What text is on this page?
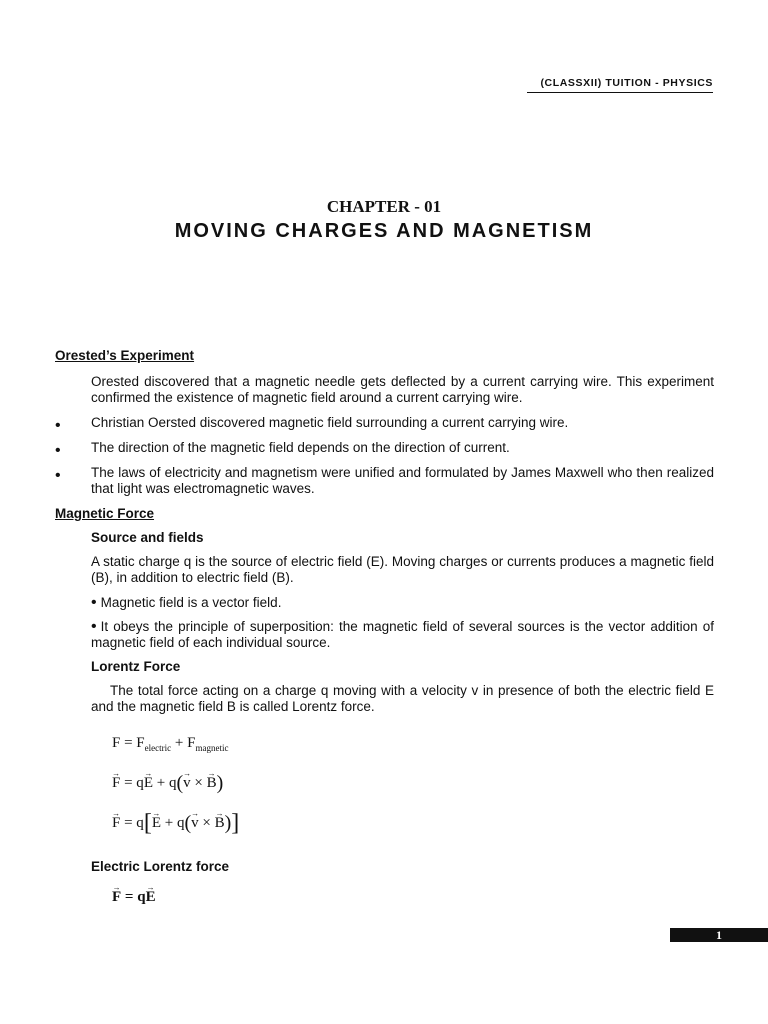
(CLASSXII) TUITION - PHYSICS
CHAPTER - 01
MOVING CHARGES AND MAGNETISM
Orested’s Experiment
Orested discovered that a magnetic needle gets deflected by a current carrying wire. This experiment confirmed the existence of magnetic field around a current carrying wire.
• Christian Oersted discovered magnetic field surrounding a current carrying wire.
• The direction of the magnetic field depends on the direction of current.
• The laws of electricity and magnetism were unified and formulated by James Maxwell who then realized that light was electromagnetic waves.
Magnetic Force
Source and fields
A static charge q is the source of electric field (E). Moving charges or currents produces a magnetic field (B), in addition to electric field (B).
• Magnetic field is a vector field.
• It obeys the principle of superposition: the magnetic field of several sources is the vector addition of magnetic field of each individual source.
Lorentz Force
The total force acting on a charge q moving with a velocity v in presence of both the electric field E and the magnetic field B is called Lorentz force.
$F = F_{electric} + F_{magnetic}$
→ F = q→ E + q(→ v × → B)
→ F = q[→ E + q(→ v × → B)]
Electric Lorentz force
→ F = q→ E
1
